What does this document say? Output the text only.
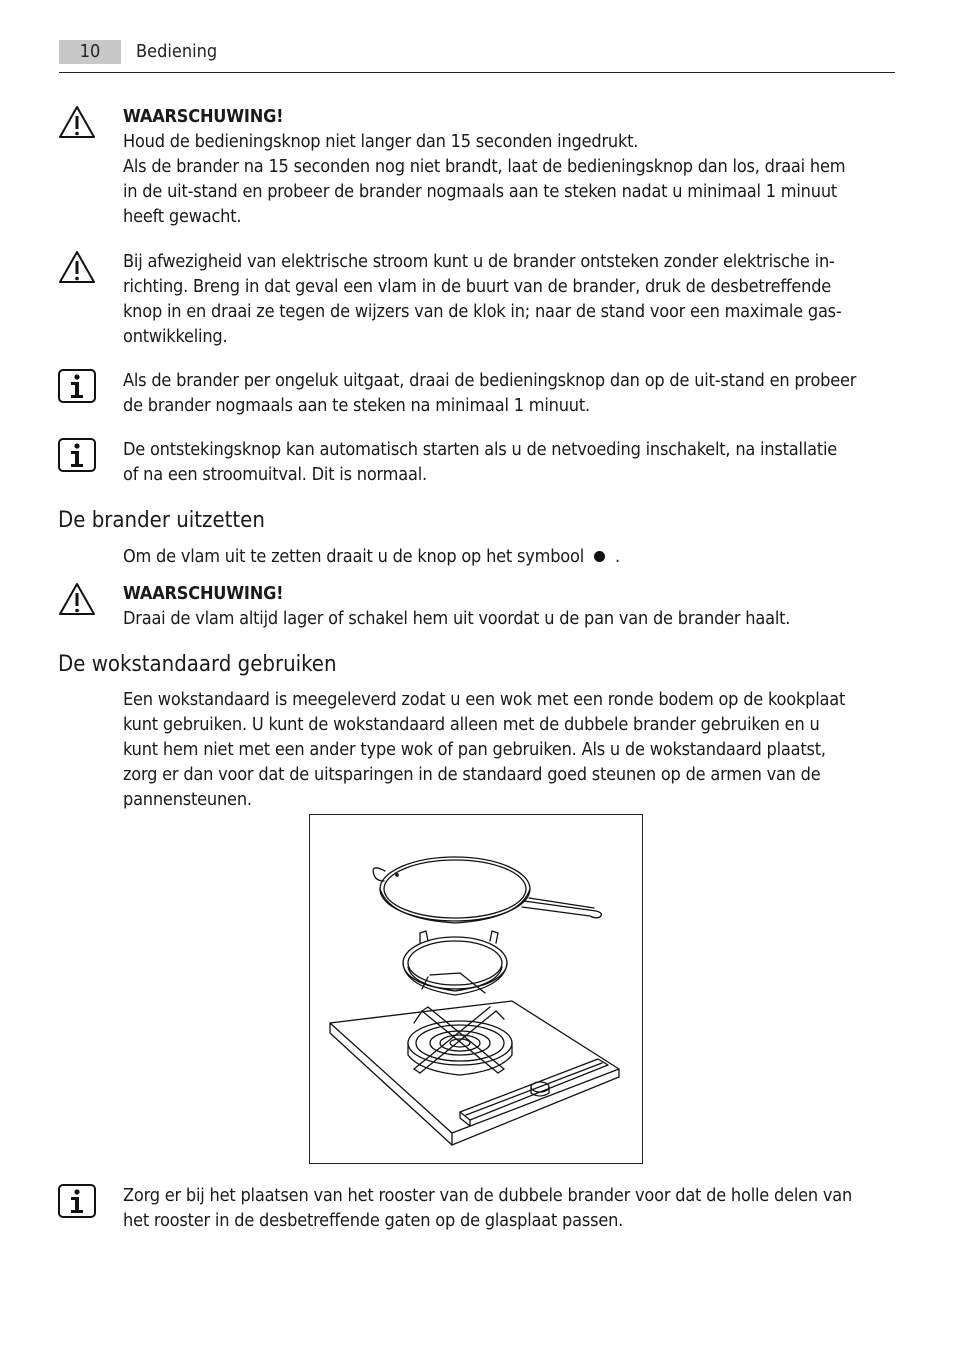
10	Bediening
WAARSCHUWING!
Houd de bedieningsknop niet langer dan 15 seconden ingedrukt.
Als de brander na 15 seconden nog niet brandt, laat de bedieningsknop dan los, draai hem
in de uit-stand en probeer de brander nogmaals aan te steken nadat u minimaal 1 minuut
heeft gewacht.
Bij afwezigheid van elektrische stroom kunt u de brander ontsteken zonder elektrische in-
richting. Breng in dat geval een vlam in de buurt van de brander, druk de desbetreffende
knop in en draai ze tegen de wijzers van de klok in; naar de stand voor een maximale gas-
ontwikkeling.
Als de brander per ongeluk uitgaat, draai de bedieningsknop dan op de uit-stand en probeer
de brander nogmaals aan te steken na minimaal 1 minuut.
De ontstekingsknop kan automatisch starten als u de netvoeding inschakelt, na installatie
of na een stroomuitval. Dit is normaal.
De brander uitzetten
Om de vlam uit te zetten draait u de knop op het symbool .
WAARSCHUWING!
Draai de vlam altijd lager of schakel hem uit voordat u de pan van de brander haalt.
De wokstandaard gebruiken
Een wokstandaard is meegeleverd zodat u een wok met een ronde bodem op de kookplaat
kunt gebruiken. U kunt de wokstandaard alleen met de dubbele brander gebruiken en u
kunt hem niet met een ander type wok of pan gebruiken. Als u de wokstandaard plaatst,
zorg er dan voor dat de uitsparingen in de standaard goed steunen op de armen van de
pannensteunen.
Zorg er bij het plaatsen van het rooster van de dubbele brander voor dat de holle delen van
het rooster in de desbetreffende gaten op de glasplaat passen.
